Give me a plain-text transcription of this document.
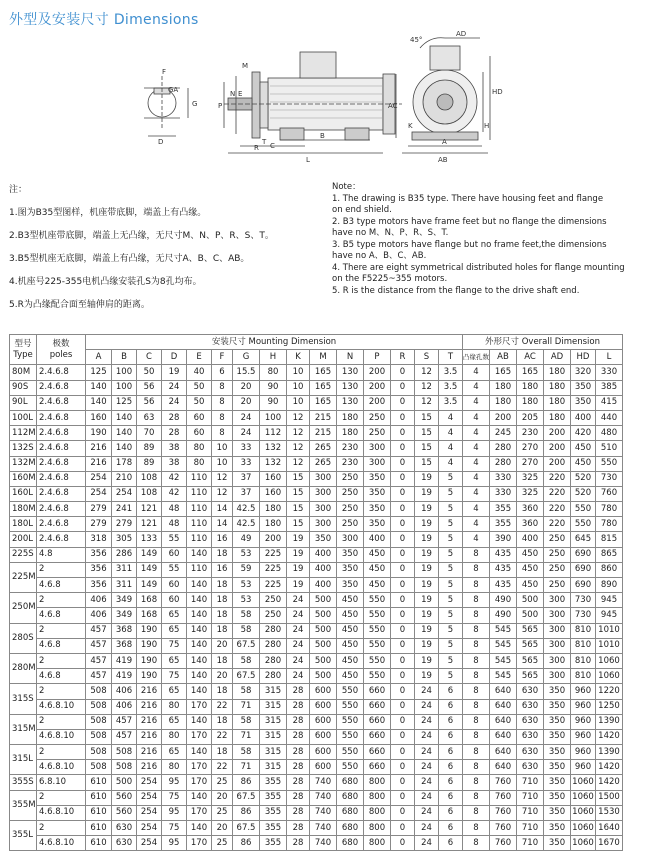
外型及安装尺寸 Dimensions
F
GA
G
D
E
R
T
M
P
N
C
B
L
AC
AD
HD
H
A
AB
45°
K
注：
1.图为B35型图样，机座带底脚，端盖上有凸缘。
2.B3型机座带底脚，端盖上无凸缘，无尺寸M、N、P、R、S、T。
3.B5型机座无底脚，端盖上有凸缘，无尺寸A、B、C、AB。
4.机座号225-355电机凸缘安装孔S为8孔均布。
5.R为凸缘配合面至轴伸肩的距离。
Note：
1. The drawing is B35 type. There have housing feet and flange
on end shield.
2. B3 type motors have frame feet but no flange the dimensions
have no M、N、P、R、S、T.
3. B5 type motors have flange but no frame feet,the dimensions
have no A、B、C、AB.
4. There are eight symmetrical distributed holes for flange mounting
on the F5225~355 motors.
5. R is the distance from the flange to the drive shaft end.
型号
Type	极数
poles	安装尺寸 Mounting Dimension															外形尺寸 Overall Dimension					
		A	B	C	D	E	F	G	H	K	M	N	P	R	S	T	凸缘孔数	AB	AC	AD	HD	L
80M	2.4.6.8	125	100	50	19	40	6	15.5	80	10	165	130	200	0	12	3.5	4	165	165	180	320	330
90S	2.4.6.8	140	100	56	24	50	8	20	90	10	165	130	200	0	12	3.5	4	180	180	180	350	385
90L	2.4.6.8	140	125	56	24	50	8	20	90	10	165	130	200	0	12	3.5	4	180	180	180	350	415
100L	2.4.6.8	160	140	63	28	60	8	24	100	12	215	180	250	0	15	4	4	200	205	180	400	440
112M	2.4.6.8	190	140	70	28	60	8	24	112	12	215	180	250	0	15	4	4	245	230	200	420	480
132S	2.4.6.8	216	140	89	38	80	10	33	132	12	265	230	300	0	15	4	4	280	270	200	450	510
132M	2.4.6.8	216	178	89	38	80	10	33	132	12	265	230	300	0	15	4	4	280	270	200	450	550
160M	2.4.6.8	254	210	108	42	110	12	37	160	15	300	250	350	0	19	5	4	330	325	220	520	730
160L	2.4.6.8	254	254	108	42	110	12	37	160	15	300	250	350	0	19	5	4	330	325	220	520	760
180M	2.4.6.8	279	241	121	48	110	14	42.5	180	15	300	250	350	0	19	5	4	355	360	220	550	780
180L	2.4.6.8	279	279	121	48	110	14	42.5	180	15	300	250	350	0	19	5	4	355	360	220	550	780
200L	2.4.6.8	318	305	133	55	110	16	49	200	19	350	300	400	0	19	5	4	390	400	250	645	815
225S	4.8	356	286	149	60	140	18	53	225	19	400	350	450	0	19	5	8	435	450	250	690	865
225M	2	356	311	149	55	110	16	59	225	19	400	350	450	0	19	5	8	435	450	250	690	860
	4.6.8	356	311	149	60	140	18	53	225	19	400	350	450	0	19	5	8	435	450	250	690	890
250M	2	406	349	168	60	140	18	53	250	24	500	450	550	0	19	5	8	490	500	300	730	945
	4.6.8	406	349	168	65	140	18	58	250	24	500	450	550	0	19	5	8	490	500	300	730	945
280S	2	457	368	190	65	140	18	58	280	24	500	450	550	0	19	5	8	545	565	300	810	1010
	4.6.8	457	368	190	75	140	20	67.5	280	24	500	450	550	0	19	5	8	545	565	300	810	1010
280M	2	457	419	190	65	140	18	58	280	24	500	450	550	0	19	5	8	545	565	300	810	1060
	4.6.8	457	419	190	75	140	20	67.5	280	24	500	450	550	0	19	5	8	545	565	300	810	1060
315S	2	508	406	216	65	140	18	58	315	28	600	550	660	0	24	6	8	640	630	350	960	1220
	4.6.8.10	508	406	216	80	170	22	71	315	28	600	550	660	0	24	6	8	640	630	350	960	1250
315M	2	508	457	216	65	140	18	58	315	28	600	550	660	0	24	6	8	640	630	350	960	1390
	4.6.8.10	508	457	216	80	170	22	71	315	28	600	550	660	0	24	6	8	640	630	350	960	1420
315L	2	508	508	216	65	140	18	58	315	28	600	550	660	0	24	6	8	640	630	350	960	1390
	4.6.8.10	508	508	216	80	170	22	71	315	28	600	550	660	0	24	6	8	640	630	350	960	1420
355S	6.8.10	610	500	254	95	170	25	86	355	28	740	680	800	0	24	6	8	760	710	350	1060	1420
355M	2	610	560	254	75	140	20	67.5	355	28	740	680	800	0	24	6	8	760	710	350	1060	1500
	4.6.8.10	610	560	254	95	170	25	86	355	28	740	680	800	0	24	6	8	760	710	350	1060	1530
355L	2	610	630	254	75	140	20	67.5	355	28	740	680	800	0	24	6	8	760	710	350	1060	1640
	4.6.8.10	610	630	254	95	170	25	86	355	28	740	680	800	0	24	6	8	760	710	350	1060	1670
